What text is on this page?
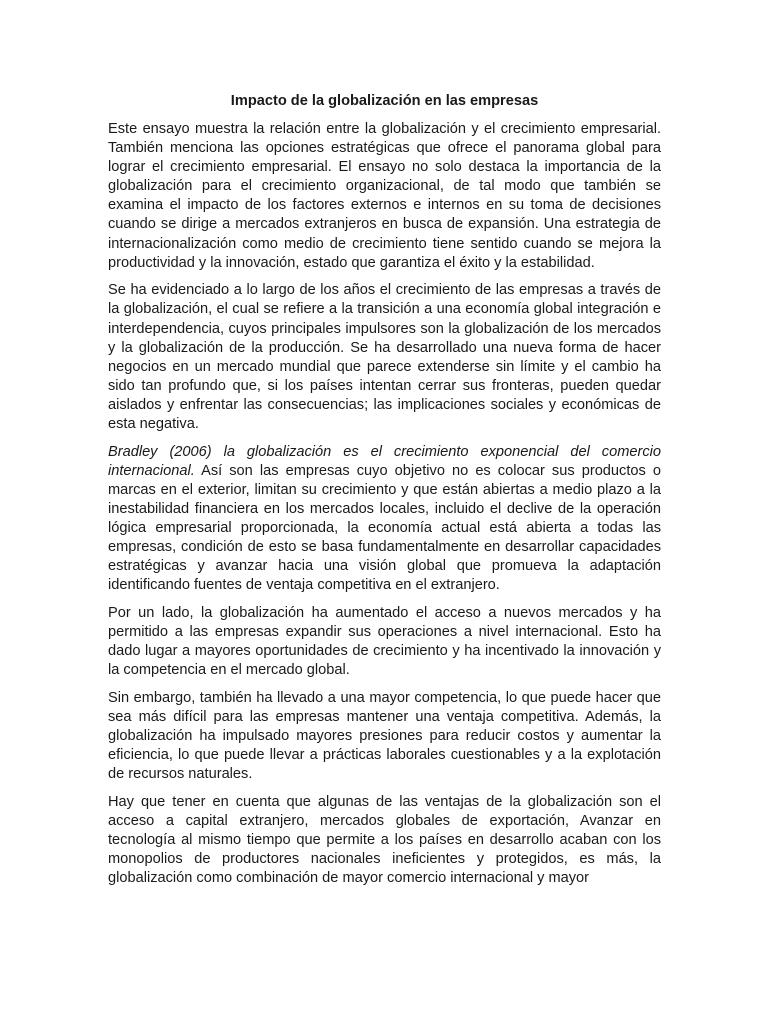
Impacto de la globalización en las empresas

Este ensayo muestra la relación entre la globalización y el crecimiento empresarial. También menciona las opciones estratégicas que ofrece el panorama global para lograr el crecimiento empresarial. El ensayo no solo destaca la importancia de la globalización para el crecimiento organizacional, de tal modo que también se examina el impacto de los factores externos e internos en su toma de decisiones cuando se dirige a mercados extranjeros en busca de expansión. Una estrategia de internacionalización como medio de crecimiento tiene sentido cuando se mejora la productividad y la innovación, estado que garantiza el éxito y la estabilidad.

Se ha evidenciado a lo largo de los años el crecimiento de las empresas a través de la globalización, el cual se refiere a la transición a una economía global integración e interdependencia, cuyos principales impulsores son la globalización de los mercados y la globalización de la producción. Se ha desarrollado una nueva forma de hacer negocios en un mercado mundial que parece extenderse sin límite y el cambio ha sido tan profundo que, si los países intentan cerrar sus fronteras, pueden quedar aislados y enfrentar las consecuencias; las implicaciones sociales y económicas de esta negativa.

Bradley (2006) la globalización es el crecimiento exponencial del comercio internacional. Así son las empresas cuyo objetivo no es colocar sus productos o marcas en el exterior, limitan su crecimiento y que están abiertas a medio plazo a la inestabilidad financiera en los mercados locales, incluido el declive de la operación lógica empresarial proporcionada, la economía actual está abierta a todas las empresas, condición de esto se basa fundamentalmente en desarrollar capacidades estratégicas y avanzar hacia una visión global que promueva la adaptación identificando fuentes de ventaja competitiva en el extranjero.

Por un lado, la globalización ha aumentado el acceso a nuevos mercados y ha permitido a las empresas expandir sus operaciones a nivel internacional. Esto ha dado lugar a mayores oportunidades de crecimiento y ha incentivado la innovación y la competencia en el mercado global.

Sin embargo, también ha llevado a una mayor competencia, lo que puede hacer que sea más difícil para las empresas mantener una ventaja competitiva. Además, la globalización ha impulsado mayores presiones para reducir costos y aumentar la eficiencia, lo que puede llevar a prácticas laborales cuestionables y a la explotación de recursos naturales.

Hay que tener en cuenta que algunas de las ventajas de la globalización son el acceso a capital extranjero, mercados globales de exportación, Avanzar en tecnología al mismo tiempo que permite a los países en desarrollo acaban con los monopolios de productores nacionales ineficientes y protegidos, es más, la globalización como combinación de mayor comercio internacional y mayor
